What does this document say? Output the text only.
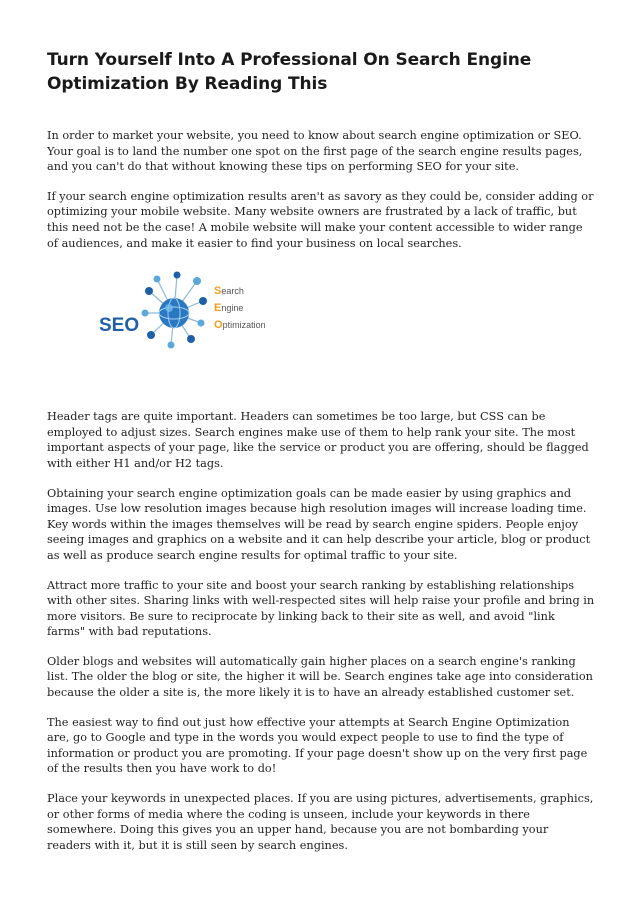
Turn Yourself Into A Professional On Search Engine Optimization By Reading This

In order to market your website, you need to know about search engine optimization or SEO. Your goal is to land the number one spot on the first page of the search engine results pages, and you can't do that without knowing these tips on performing SEO for your site.

If your search engine optimization results aren't as savory as they could be, consider adding or optimizing your mobile website. Many website owners are frustrated by a lack of traffic, but this need not be the case! A mobile website will make your content accessible to wider range of audiences, and make it easier to find your business on local searches.

SEO
Search
Engine
Optimization

Header tags are quite important. Headers can sometimes be too large, but CSS can be employed to adjust sizes. Search engines make use of them to help rank your site. The most important aspects of your page, like the service or product you are offering, should be flagged with either H1 and/or H2 tags.

Obtaining your search engine optimization goals can be made easier by using graphics and images. Use low resolution images because high resolution images will increase loading time. Key words within the images themselves will be read by search engine spiders. People enjoy seeing images and graphics on a website and it can help describe your article, blog or product as well as produce search engine results for optimal traffic to your site.

Attract more traffic to your site and boost your search ranking by establishing relationships with other sites. Sharing links with well-respected sites will help raise your profile and bring in more visitors. Be sure to reciprocate by linking back to their site as well, and avoid "link farms" with bad reputations.

Older blogs and websites will automatically gain higher places on a search engine's ranking list. The older the blog or site, the higher it will be. Search engines take age into consideration because the older a site is, the more likely it is to have an already established customer set.

The easiest way to find out just how effective your attempts at Search Engine Optimization are, go to Google and type in the words you would expect people to use to find the type of information or product you are promoting. If your page doesn't show up on the very first page of the results then you have work to do!

Place your keywords in unexpected places. If you are using pictures, advertisements, graphics, or other forms of media where the coding is unseen, include your keywords in there somewhere. Doing this gives you an upper hand, because you are not bombarding your readers with it, but it is still seen by search engines.
